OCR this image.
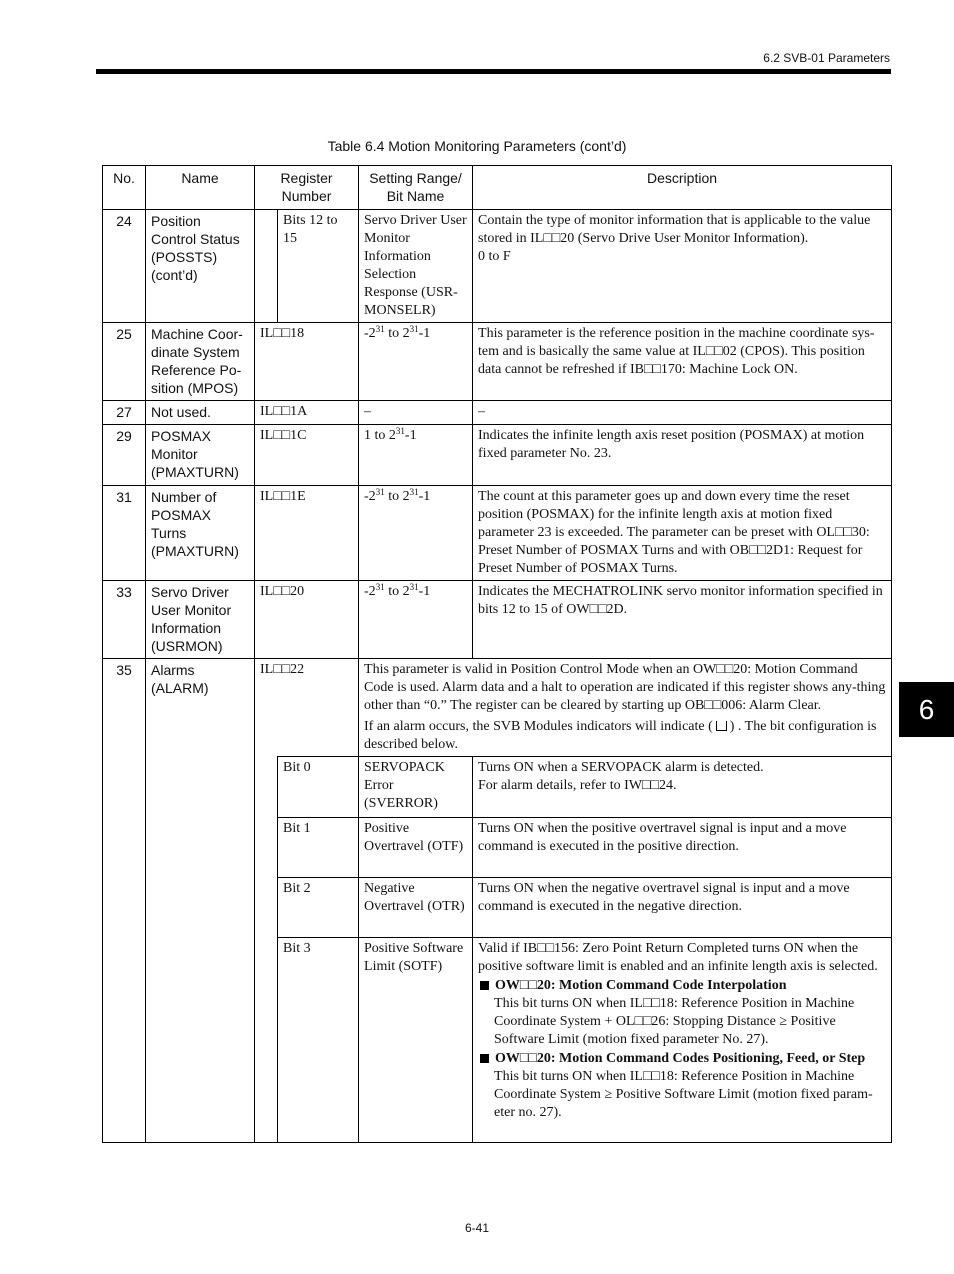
6.2 SVB-01 Parameters
Table 6.4 Motion Monitoring Parameters (cont’d)
No.	Name	Register Number		Setting Range/ Bit Name	Description
24	Position Control Status (POSSTS) (cont’d)		Bits 12 to 15	Servo Driver User Monitor Information Selection Response (USR-MONSELR)	Contain the type of monitor information that is applicable to the value stored in IL□□20 (Servo Drive User Monitor Information).
0 to F

25	Machine Coor-dinate System Reference Po-sition (MPOS)	IL□□18		$-2^{31}$ to $2^{31}-1$	This parameter is the reference position in the machine coordinate sys-tem and is basically the same value at IL□□02 (CPOS). This position data cannot be refreshed if IB□□170: Machine Lock ON.
27	Not used.	IL□□1A		–	–
29	POSMAX Monitor (PMAXTURN)	IL□□1C		1 to $2^{31}-1$	Indicates the infinite length axis reset position (POSMAX) at motion fixed parameter No. 23.
31	Number of POSMAX Turns (PMAXTURN)	IL□□1E		$-2^{31}$ to $2^{31}-1$	The count at this parameter goes up and down every time the reset position (POSMAX) for the infinite length axis at motion fixed parameter 23 is exceeded. The parameter can be preset with OL□□30: Preset Number of POSMAX Turns and with OB□□2D1: Request for Preset Number of POSMAX Turns.
33	Servo Driver User Monitor Information (USRMON)	IL□□20		$-2^{31}$ to $2^{31}-1$	Indicates the MECHATROLINK servo monitor information specified in bits 12 to 15 of OW□□2D.
35	Alarms (ALARM)	IL□□22		This parameter is valid in Position Control Mode when an OW□□20: Motion Command Code is used. Alarm data and a halt to operation are indicated if this register shows any-thing other than “0.” The register can be cleared by starting up OB□□006: Alarm Clear.
If an alarm occurs, the SVB Modules indicators will indicate ( ) . The bit configuration is described below.	

			Bit 0	SERVOPACK Error (SVERROR)	Turns ON when a SERVOPACK alarm is detected.
For alarm details, refer to IW□□24.

			Bit 1	Positive Overtravel (OTF)	Turns ON when the positive overtravel signal is input and a move command is executed in the positive direction.
			Bit 2	Negative Overtravel (OTR)	Turns ON when the negative overtravel signal is input and a move command is executed in the negative direction.
			Bit 3	Positive Software Limit (SOTF)	Valid if IB□□156: Zero Point Return Completed turns ON when the positive software limit is enabled and an infinite length axis is selected.
OW□□20: Motion Command Code Interpolation
This bit turns ON when IL□□18: Reference Position in Machine Coordinate System + OL□□26: Stopping Distance ≥ Positive Software Limit (motion fixed parameter No. 27).
OW□□20: Motion Command Codes Positioning, Feed, or Step
This bit turns ON when IL□□18: Reference Position in Machine Coordinate System ≥ Positive Software Limit (motion fixed param-eter no. 27).
6
6-41
